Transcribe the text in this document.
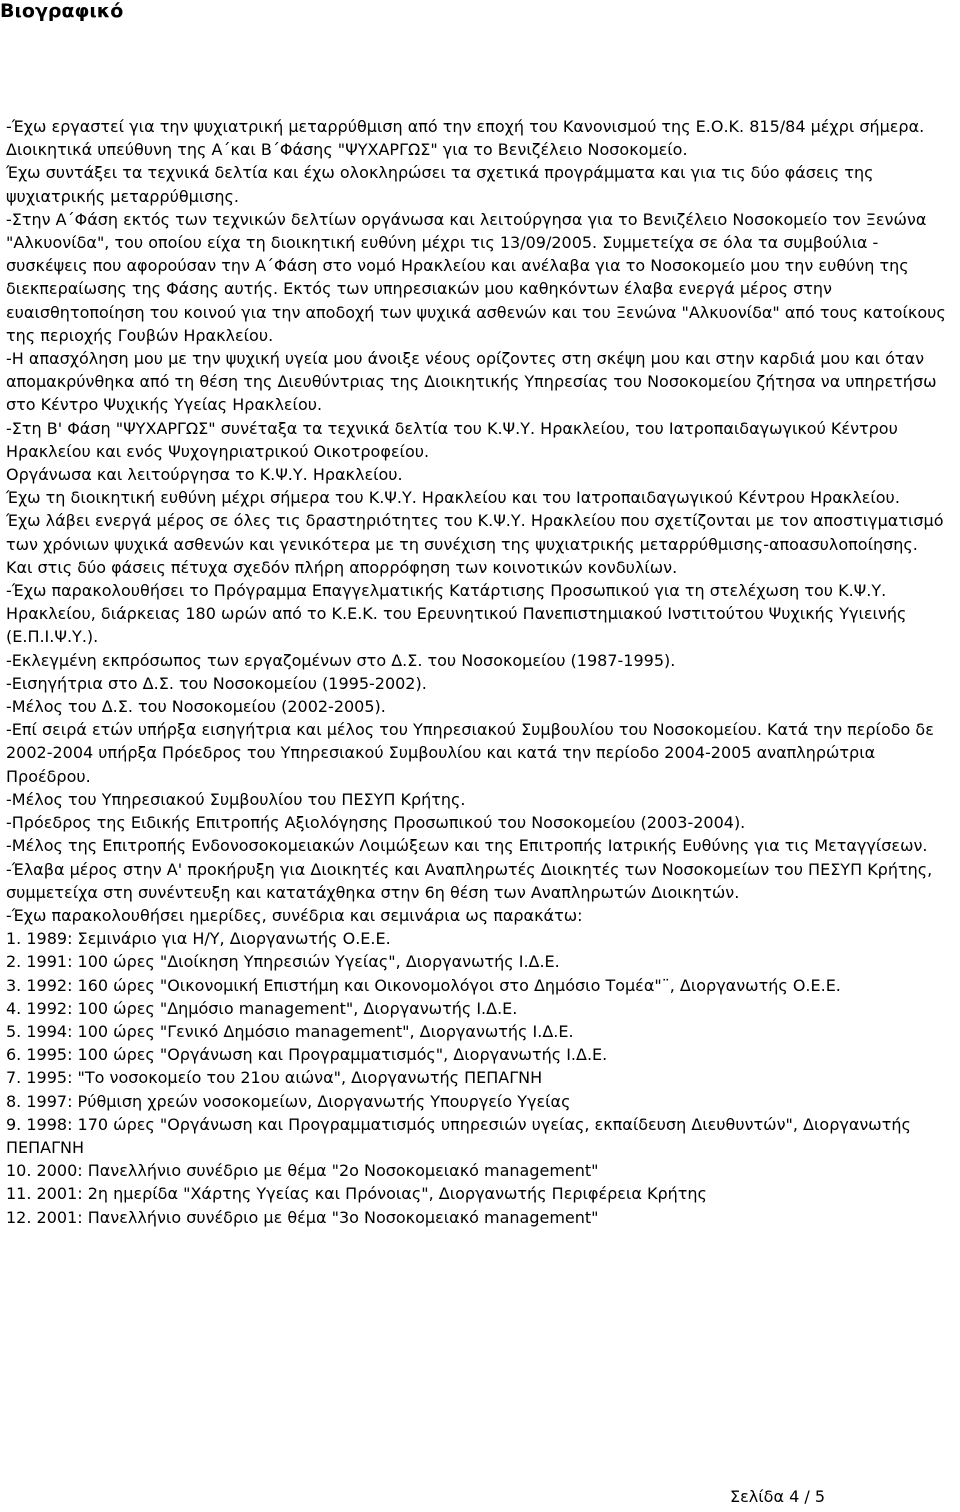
Βιογραφικό
-Έχω εργαστεί για την ψυχιατρική μεταρρύθμιση από την εποχή του Κανονισμού της Ε.Ο.Κ. 815/84 μέχρι σήμερα.
Διοικητικά υπεύθυνη της Α΄και Β΄Φάσης "ΨΥΧΑΡΓΩΣ" για το Βενιζέλειο Νοσοκομείο.
Έχω συντάξει τα τεχνικά δελτία και έχω ολοκληρώσει τα σχετικά προγράμματα και για τις δύο φάσεις της ψυχιατρικής μεταρρύθμισης.
-Στην Α΄Φάση εκτός των τεχνικών δελτίων οργάνωσα και λειτούργησα για το Βενιζέλειο Νοσοκομείο τον Ξενώνα "Αλκυονίδα", του οποίου είχα τη διοικητική ευθύνη μέχρι τις 13/09/2005. Συμμετείχα σε όλα τα συμβούλια - συσκέψεις που αφορούσαν την Α΄Φάση στο νομό Ηρακλείου και ανέλαβα για το Νοσοκομείο μου την ευθύνη της διεκπεραίωσης της Φάσης αυτής. Εκτός των υπηρεσιακών μου καθηκόντων έλαβα ενεργά μέρος στην ευαισθητοποίηση του κοινού για την αποδοχή των ψυχικά ασθενών και του Ξενώνα "Αλκυονίδα" από τους κατοίκους της περιοχής Γουβών Ηρακλείου.
-Η απασχόληση μου με την ψυχική υγεία μου άνοιξε νέους ορίζοντες στη σκέψη μου και στην καρδιά μου και όταν απομακρύνθηκα από τη θέση της Διευθύντριας της Διοικητικής Υπηρεσίας του Νοσοκομείου ζήτησα να υπηρετήσω στο Κέντρο Ψυχικής Υγείας Ηρακλείου.
-Στη Β' Φάση "ΨΥΧΑΡΓΩΣ" συνέταξα τα τεχνικά δελτία του Κ.Ψ.Υ. Ηρακλείου, του Ιατροπαιδαγωγικού Κέντρου Ηρακλείου και ενός Ψυχογηριατρικού Οικοτροφείου.
Οργάνωσα και λειτούργησα το Κ.Ψ.Υ. Ηρακλείου.
Έχω τη διοικητική ευθύνη μέχρι σήμερα του Κ.Ψ.Υ. Ηρακλείου και του Ιατροπαιδαγωγικού Κέντρου Ηρακλείου.
Έχω λάβει ενεργά μέρος σε όλες τις δραστηριότητες του Κ.Ψ.Υ. Ηρακλείου που σχετίζονται με τον αποστιγματισμό των χρόνιων ψυχικά ασθενών και γενικότερα με τη συνέχιση της ψυχιατρικής μεταρρύθμισης-αποασυλοποίησης.
Και στις δύο φάσεις πέτυχα σχεδόν πλήρη απορρόφηση των κοινοτικών κονδυλίων.
-Έχω παρακολουθήσει το Πρόγραμμα Επαγγελματικής Κατάρτισης Προσωπικού για τη στελέχωση του Κ.Ψ.Υ. Ηρακλείου, διάρκειας 180 ωρών από το Κ.Ε.Κ. του Ερευνητικού Πανεπιστημιακού Ινστιτούτου Ψυχικής Υγιεινής (Ε.Π.Ι.Ψ.Υ.).
-Εκλεγμένη εκπρόσωπος των εργαζομένων στο Δ.Σ. του Νοσοκομείου (1987-1995).
-Εισηγήτρια στο Δ.Σ. του Νοσοκομείου (1995-2002).
-Μέλος του Δ.Σ. του Νοσοκομείου (2002-2005).
-Επί σειρά ετών υπήρξα εισηγήτρια και μέλος του Υπηρεσιακού Συμβουλίου του Νοσοκομείου. Κατά την περίοδο δε 2002-2004 υπήρξα Πρόεδρος του Υπηρεσιακού Συμβουλίου και κατά την περίοδο 2004-2005 αναπληρώτρια Προέδρου.
-Μέλος του Υπηρεσιακού Συμβουλίου του ΠΕΣΥΠ Κρήτης.
-Πρόεδρος της Ειδικής Επιτροπής Αξιολόγησης Προσωπικού του Νοσοκομείου (2003-2004).
-Μέλος της Επιτροπής Ενδονοσοκομειακών Λοιμώξεων και της Επιτροπής Ιατρικής Ευθύνης για τις Μεταγγίσεων.
-Έλαβα μέρος στην Α' προκήρυξη για Διοικητές και Αναπληρωτές Διοικητές των Νοσοκομείων του ΠΕΣΥΠ Κρήτης, συμμετείχα στη συνέντευξη και κατατάχθηκα στην 6η θέση των Αναπληρωτών Διοικητών.
-Έχω παρακολουθήσει ημερίδες, συνέδρια και σεμινάρια ως παρακάτω:
1. 1989: Σεμινάριο για Η/Υ, Διοργανωτής Ο.Ε.Ε.
2. 1991: 100 ώρες "Διοίκηση Υπηρεσιών Υγείας", Διοργανωτής Ι.Δ.Ε.
3. 1992: 160 ώρες "Οικονομική Επιστήμη και Οικονομολόγοι στο Δημόσιο Τομέα"¨, Διοργανωτής Ο.Ε.Ε.
4. 1992: 100 ώρες "Δημόσιο management", Διοργανωτής Ι.Δ.Ε.
5. 1994: 100 ώρες "Γενικό Δημόσιο management", Διοργανωτής Ι.Δ.Ε.
6. 1995: 100 ώρες "Οργάνωση και Προγραμματισμός", Διοργανωτής Ι.Δ.Ε.
7. 1995: "Το νοσοκομείο του 21ου αιώνα", Διοργανωτής ΠΕΠΑΓΝΗ
8. 1997: Ρύθμιση χρεών νοσοκομείων, Διοργανωτής Υπουργείο Υγείας
9. 1998: 170 ώρες "Οργάνωση και Προγραμματισμός υπηρεσιών υγείας, εκπαίδευση Διευθυντών", Διοργανωτής ΠΕΠΑΓΝΗ
10. 2000: Πανελλήνιο συνέδριο με θέμα "2ο Νοσοκομειακό management"
11. 2001: 2η ημερίδα "Χάρτης Υγείας και Πρόνοιας", Διοργανωτής Περιφέρεια Κρήτης
12. 2001: Πανελλήνιο συνέδριο με θέμα "3ο Νοσοκομειακό management"
Σελίδα 4 / 5
